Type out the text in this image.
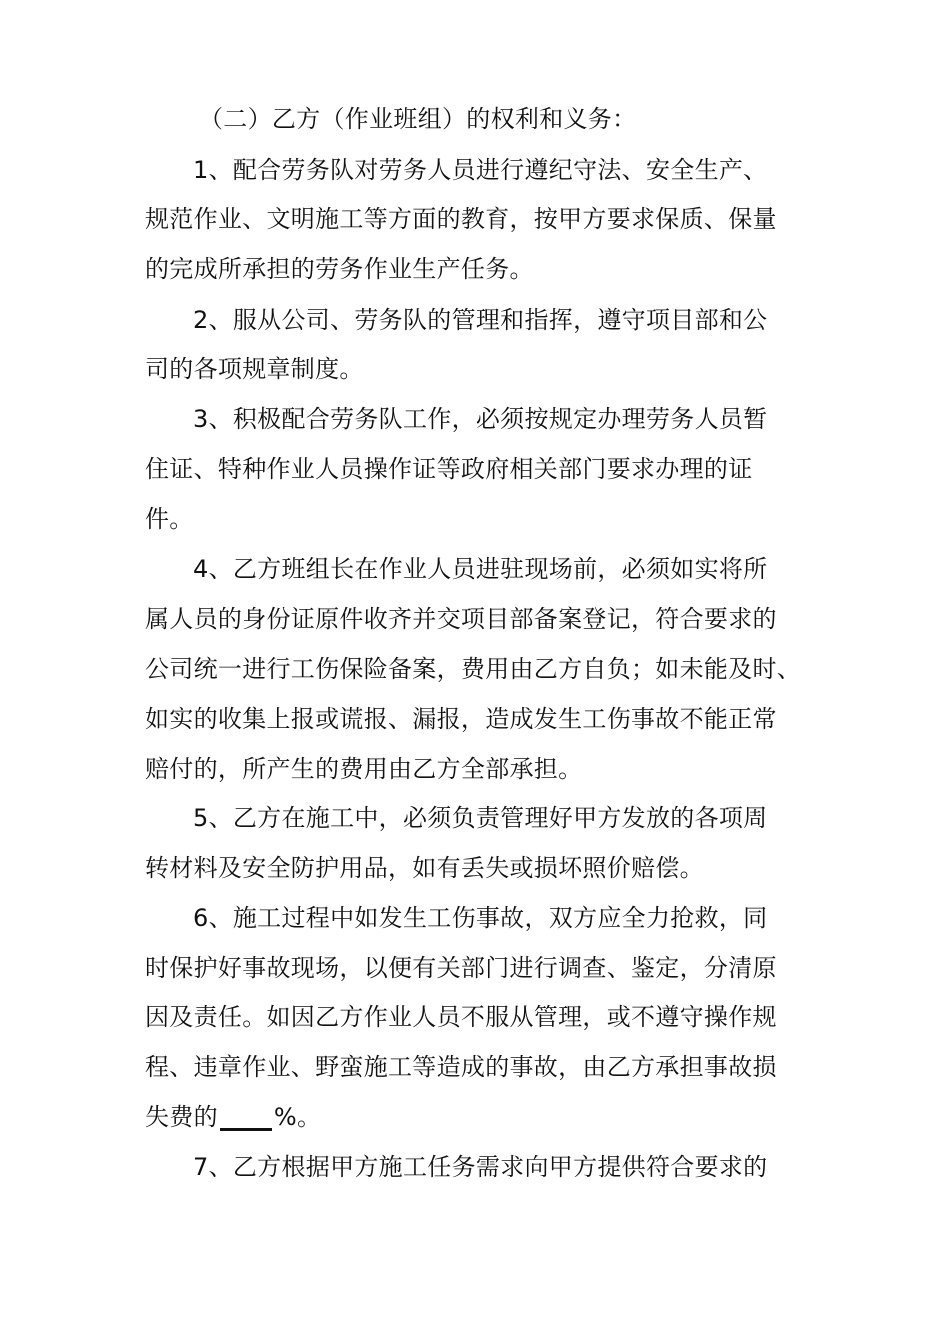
（二）乙方（作业班组）的权利和义务：
1、配合劳务队对劳务人员进行遵纪守法、安全生产、
规范作业、文明施工等方面的教育，按甲方要求保质、保量
的完成所承担的劳务作业生产任务。
2、服从公司、劳务队的管理和指挥，遵守项目部和公
司的各项规章制度。
3、积极配合劳务队工作，必须按规定办理劳务人员暂
住证、特种作业人员操作证等政府相关部门要求办理的证
件。
4、乙方班组长在作业人员进驻现场前，必须如实将所
属人员的身份证原件收齐并交项目部备案登记，符合要求的
公司统一进行工伤保险备案，费用由乙方自负；如未能及时、
如实的收集上报或谎报、漏报，造成发生工伤事故不能正常
赔付的，所产生的费用由乙方全部承担。
5、乙方在施工中，必须负责管理好甲方发放的各项周
转材料及安全防护用品，如有丢失或损坏照价赔偿。
6、施工过程中如发生工伤事故，双方应全力抢救，同
时保护好事故现场，以便有关部门进行调查、鉴定，分清原
因及责任。如因乙方作业人员不服从管理，或不遵守操作规
程、违章作业、野蛮施工等造成的事故，由乙方承担事故损
失费的 %。
7、乙方根据甲方施工任务需求向甲方提供符合要求的
